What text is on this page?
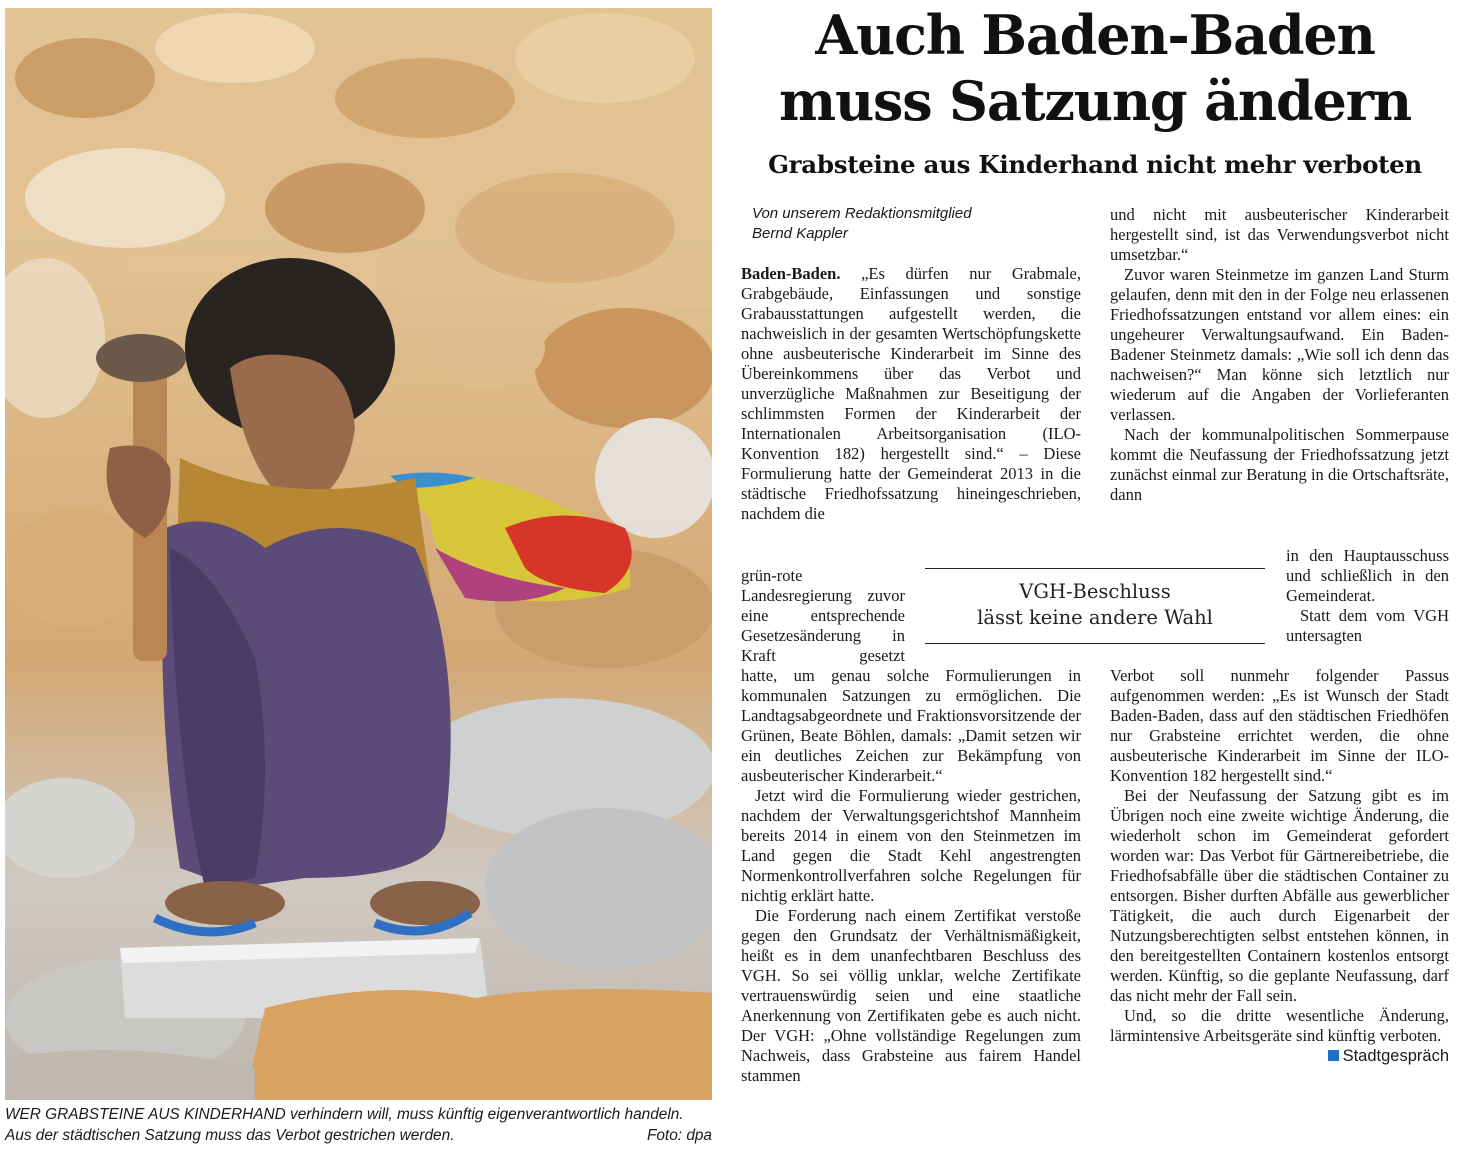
WER GRABSTEINE AUS KINDERHAND verhindern will, muss künftig eigenverantwortlich handeln. Aus der städtischen Satzung muss das Verbot gestrichen werden.	Foto: dpa
Auch Baden-Baden
muss Satzung ändern
Grabsteine aus Kinderhand nicht mehr verboten
Von unserem Redaktionsmitglied
Bernd Kappler

Baden-Baden. „Es dürfen nur Grabmale, Grabgebäude, Einfassungen und sonstige Grabausstattungen aufgestellt werden, die nachweislich in der gesamten Wertschöpfungskette ohne ausbeuterische Kinderarbeit im Sinne des Übereinkommens über das Verbot und unverzügliche Maßnahmen zur Beseitigung der schlimmsten Formen der Kinderarbeit der Internationalen Arbeitsorganisation (ILO-Konvention 182) hergestellt sind.“ – Diese Formulierung hatte der Gemeinderat 2013 in die städtische Friedhofssatzung hineingeschrieben, nachdem die

grün-rote Landesregierung zuvor eine entsprechende Gesetzesänderung in Kraft gesetzt

hatte, um genau solche Formulierungen in kommunalen Satzungen zu ermöglichen. Die Landtagsabgeordnete und Fraktionsvorsitzende der Grünen, Beate Böhlen, damals: „Damit setzen wir ein deutliches Zeichen zur Bekämpfung von ausbeuterischer Kinderarbeit.“

Jetzt wird die Formulierung wieder gestrichen, nachdem der Verwaltungsgerichtshof Mannheim bereits 2014 in einem von den Steinmetzen im Land gegen die Stadt Kehl angestrengten Normenkontrollverfahren solche Regelungen für nichtig erklärt hatte.

Die Forderung nach einem Zertifikat verstoße gegen den Grundsatz der Verhältnismäßigkeit, heißt es in dem unanfechtbaren Beschluss des VGH. So sei völlig unklar, welche Zertifikate vertrauenswürdig seien und eine staatliche Anerkennung von Zertifikaten gebe es auch nicht. Der VGH: „Ohne vollständige Regelungen zum Nachweis, dass Grabsteine aus fairem Handel stammen

VGH-Beschluss
lässt keine andere Wahl

und nicht mit ausbeuterischer Kinderarbeit hergestellt sind, ist das Verwendungsverbot nicht umsetzbar.“

Zuvor waren Steinmetze im ganzen Land Sturm gelaufen, denn mit den in der Folge neu erlassenen Friedhofssatzungen entstand vor allem eines: ein ungeheurer Verwaltungsaufwand. Ein Baden-Badener Steinmetz damals: „Wie soll ich denn das nachweisen?“ Man könne sich letztlich nur wiederum auf die Angaben der Vorlieferanten verlassen.

Nach der kommunalpolitischen Sommerpause kommt die Neufassung der Friedhofssatzung jetzt zunächst einmal zur Beratung in die Ortschaftsräte, dann

in den Hauptausschuss und schließlich in den Gemeinderat.

Statt dem vom VGH untersagten

Verbot soll nunmehr folgender Passus aufgenommen werden: „Es ist Wunsch der Stadt Baden-Baden, dass auf den städtischen Friedhöfen nur Grabsteine errichtet werden, die ohne ausbeuterische Kinderarbeit im Sinne der ILO-Konvention 182 hergestellt sind.“

Bei der Neufassung der Satzung gibt es im Übrigen noch eine zweite wichtige Änderung, die wiederholt schon im Gemeinderat gefordert worden war: Das Verbot für Gärtnereibetriebe, die Friedhofsabfälle über die städtischen Container zu entsorgen. Bisher durften Abfälle aus gewerblicher Tätigkeit, die auch durch Eigenarbeit der Nutzungsberechtigten selbst entstehen können, in den bereitgestellten Containern kostenlos entsorgt werden. Künftig, so die geplante Neufassung, darf das nicht mehr der Fall sein.

Und, so die dritte wesentliche Änderung, lärmintensive Arbeitsgeräte sind künftig verboten.
Stadtgespräch
